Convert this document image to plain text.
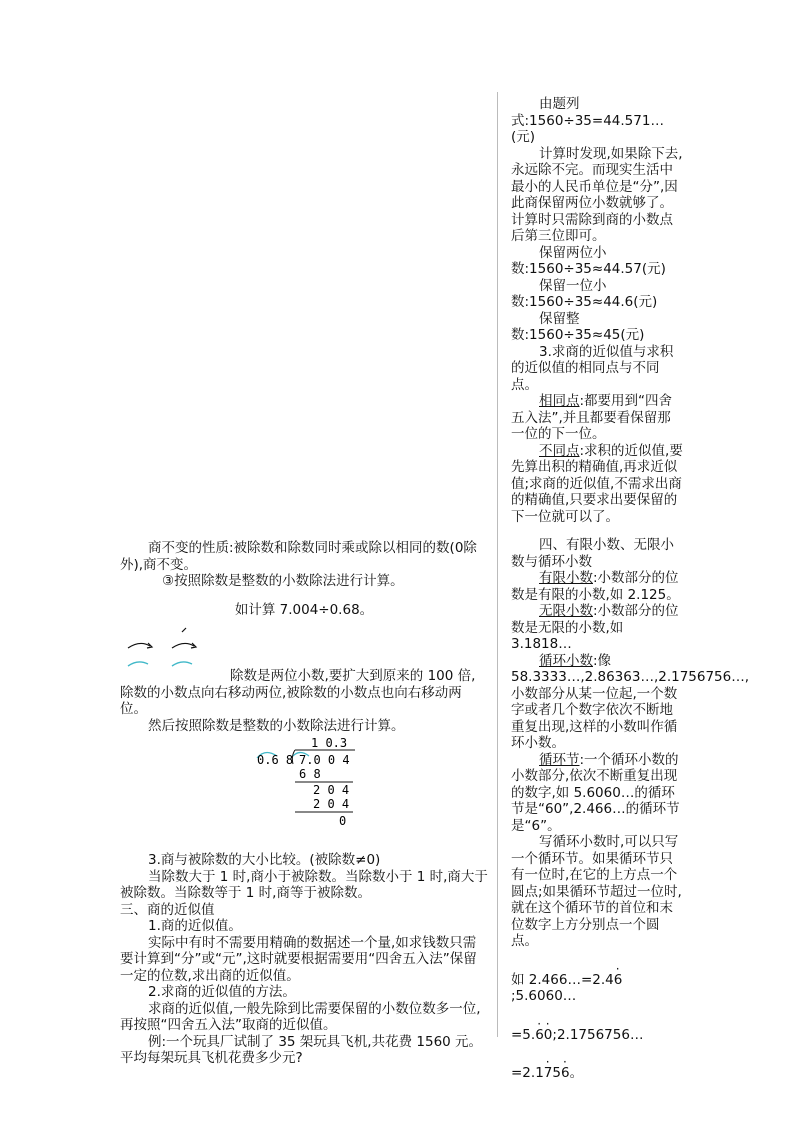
商不变的性质:被除数和除数同时乘或除以相同的数(0除外),商不变。

③按照除数是整数的小数除法进行计算。

如计算 7.004÷0.68。

除数是两位小数,要扩大到原来的 100 倍,除数的小数点向右移动两位,被除数的小数点也向右移动两位。

然后按照除数是整数的小数除法进行计算。

3.商与被除数的大小比较。(被除数≠0)

当除数大于 1 时,商小于被除数。当除数小于 1 时,商大于被除数。当除数等于 1 时,商等于被除数。

三、商的近似值

1.商的近似值。

实际中有时不需要用精确的数据述一个量,如求钱数只需要计算到“分”或“元”,这时就要根据需要用“四舍五入法”保留一定的位数,求出商的近似值。

2.求商的近似值的方法。

求商的近似值,一般先除到比需要保留的小数位数多一位,再按照“四舍五入法”取商的近似值。

例:一个玩具厂试制了 35 架玩具飞机,共花费 1560 元。平均每架玩具飞机花费多少元?

1 0.3
0.6 8 7.0 0 4
6 8
2 0 4
2 0 4
0

由题列式:1560÷35=44.571…(元)

计算时发现,如果除下去,永远除不完。而现实生活中最小的人民币单位是“分”,因此商保留两位小数就够了。计算时只需除到商的小数点后第三位即可。

保留两位小数:1560÷35≈44.57(元)

保留一位小数:1560÷35≈44.6(元)

保留整数:1560÷35≈45(元)

3.求商的近似值与求积的近似值的相同点与不同点。

相同点:都要用到“四舍五入法”,并且都要看保留那一位的下一位。

不同点:求积的近似值,要先算出积的精确值,再求近似值;求商的近似值,不需求出商的精确值,只要求出要保留的下一位就可以了。

四、有限小数、无限小数与循环小数

有限小数:小数部分的位数是有限的小数,如 2.125。

无限小数:小数部分的位数是无限的小数,如 3.1818…

循环小数:像 58.3333…,2.86363…,2.1756756…,小数部分从某一位起,一个数字或者几个数字依次不断地重复出现,这样的小数叫作循环小数。

循环节:一个循环小数的小数部分,依次不断重复出现的数字,如 5.6060…的循环节是“60”,2.466…的循环节是“6”。

写循环小数时,可以只写一个循环节。如果循环节只有一位时,在它的上方点一个圆点;如果循环节超过一位时,就在这个循环节的首位和末位数字上方分别点一个圆点。

如 2.466…=2.4· 6;5.6060…

=5.· 6· 0;2.1756756…

=2.1· 75· 6。
